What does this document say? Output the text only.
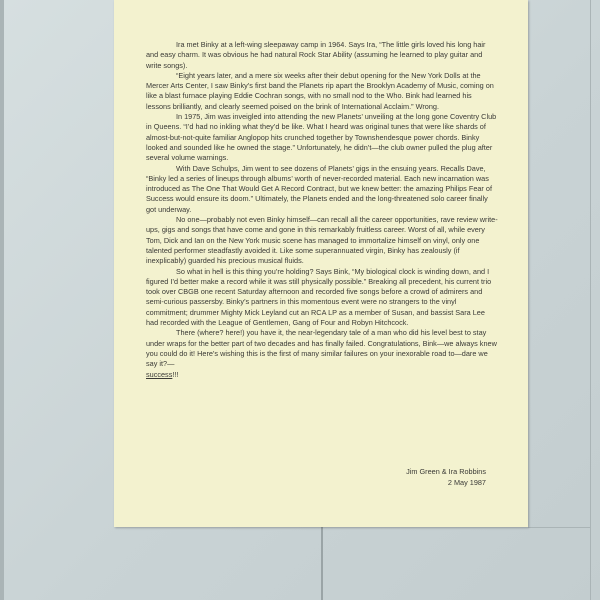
Ira met Binky at a left-wing sleepaway camp in 1964. Says Ira, “The little girls loved his long hair and easy charm. It was obvious he had natural Rock Star Ability (assuming he learned to play guitar and write songs).

“Eight years later, and a mere six weeks after their debut opening for the New York Dolls at the Mercer Arts Center, I saw Binky’s first band the Planets rip apart the Brooklyn Academy of Music, coming on like a blast furnace playing Eddie Cochran songs, with no small nod to the Who. Bink had learned his lessons brilliantly, and clearly seemed poised on the brink of International Acclaim.” Wrong.

In 1975, Jim was inveigled into attending the new Planets’ unveiling at the long gone Coventry Club in Queens. “I’d had no inkling what they’d be like. What I heard was original tunes that were like shards of almost-but-not-quite familiar Anglopop hits crunched together by Townshendesque power chords. Binky looked and sounded like he owned the stage.” Unfortunately, he didn’t—the club owner pulled the plug after several volume warnings.

With Dave Schulps, Jim went to see dozens of Planets’ gigs in the ensuing years. Recalls Dave, “Binky led a series of lineups through albums’ worth of never-recorded material. Each new incarnation was introduced as The One That Would Get A Record Contract, but we knew better: the amazing Philips Fear of Success would ensure its doom.” Ultimately, the Planets ended and the long-threatened solo career finally got underway.

No one—probably not even Binky himself—can recall all the career opportunities, rave review write-ups, gigs and songs that have come and gone in this remarkably fruitless career. Worst of all, while every Tom, Dick and Ian on the New York music scene has managed to immortalize himself on vinyl, only one talented performer steadfastly avoided it. Like some superannuated virgin, Binky has zealously (if inexplicably) guarded his precious musical fluids.

So what in hell is this thing you’re holding? Says Bink, “My biological clock is winding down, and I figured I’d better make a record while it was still physically possible.” Breaking all precedent, his current trio took over CBGB one recent Saturday afternoon and recorded five songs before a crowd of admirers and semi-curious passersby. Binky’s partners in this momentous event were no strangers to the vinyl commitment; drummer Mighty Mick Leyland cut an RCA LP as a member of Susan, and bassist Sara Lee had recorded with the League of Gentlemen, Gang of Four and Robyn Hitchcock.

There (where? here!) you have it, the near-legendary tale of a man who did his level best to stay under wraps for the better part of two decades and has finally failed. Congratulations, Bink—we always knew you could do it! Here’s wishing this is the first of many similar failures on your inexorable road to—dare we say it?—
success!!!

Jim Green & Ira Robbins
2 May 1987
